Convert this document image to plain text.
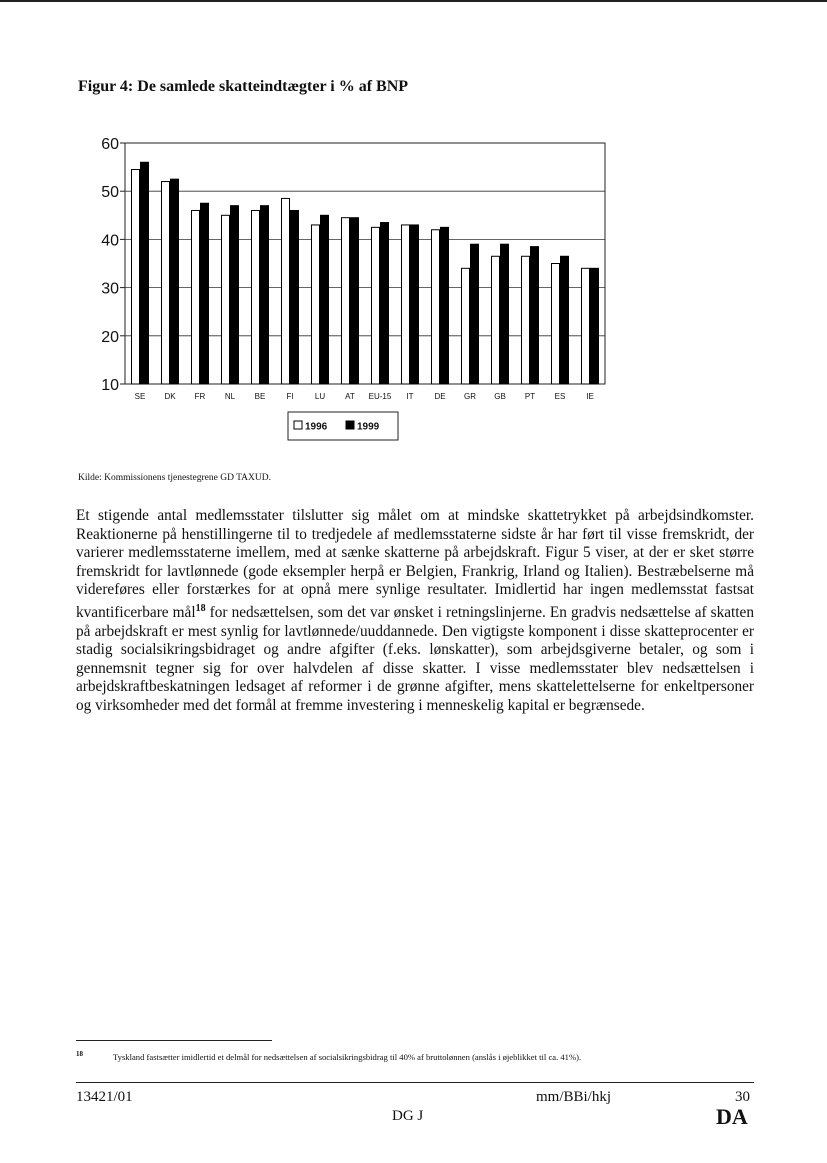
Figur 4: De samlede skatteindtægter i % af BNP
10
20
30
40
50
60
SE DK FR NL BE	FI	LU	AT EU-15 IT	DE GR GB PT ES	IE
1996	1999
Kilde: Kommissionens tjenestegrene GD TAXUD.

Et stigende antal medlemsstater tilslutter sig målet om at mindske skattetrykket på arbejdsindkomster. Reaktionerne på henstillingerne til to tredjedele af medlemsstaterne sidste år har ført til visse fremskridt, der varierer medlemsstaterne imellem, med at sænke skatterne på arbejdskraft. Figur 5 viser, at der er sket større fremskridt for lavtlønnede (gode eksempler herpå er Belgien, Frankrig, Irland og Italien). Bestræbelserne må videreføres eller forstærkes for at opnå mere synlige resultater. Imidlertid har ingen medlemsstat fastsat kvantificerbare mål$^{18}$ for nedsættelsen, som det var ønsket i retningslinjerne. En gradvis nedsættelse af skatten på arbejdskraft er mest synlig for lavtlønnede/uuddannede. Den vigtigste komponent i disse skatteprocenter er stadig socialsikringsbidraget og andre afgifter (f.eks. lønskatter), som arbejdsgiverne betaler, og som i gennemsnit tegner sig for over halvdelen af disse skatter. I visse medlemsstater blev nedsættelsen i arbejdskraftbeskatningen ledsaget af reformer i de grønne afgifter, mens skattelettelserne for enkeltpersoner og virksomheder med det formål at fremme investering i menneskelig kapital er begrænsede.

18	Tyskland fastsætter imidlertid et delmål for nedsættelsen af socialsikringsbidrag til 40% af bruttolønnen (anslås i øjeblikket til ca. 41%).
13421/01	mm/BBi/hkj	30
DG J	DA
